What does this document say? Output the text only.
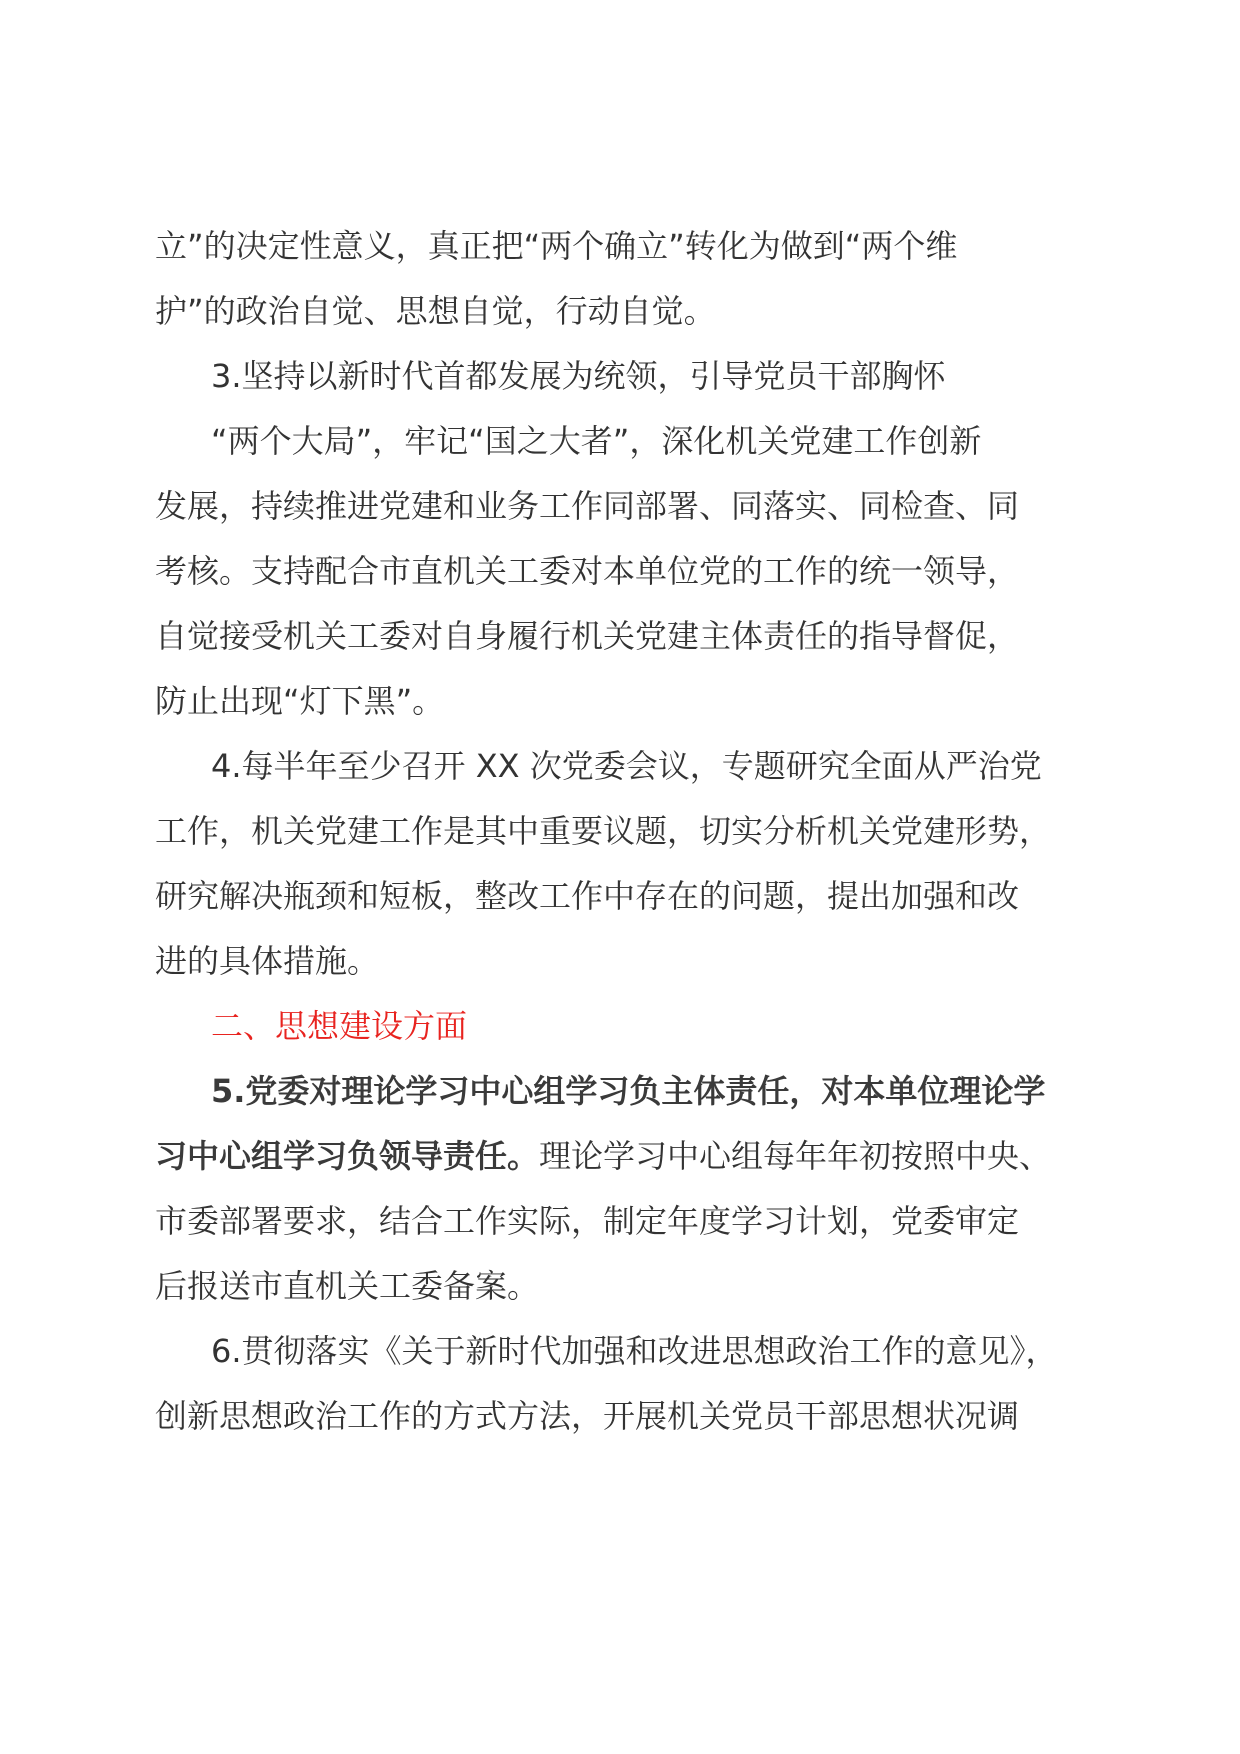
立”的决定性意义，真正把“两个确立”转化为做到“两个维
护”的政治自觉、思想自觉，行动自觉。
3.坚持以新时代首都发展为统领，引导党员干部胸怀
“两个大局”，牢记“国之大者”，深化机关党建工作创新
发展，持续推进党建和业务工作同部署、同落实、同检查、同
考核。支持配合市直机关工委对本单位党的工作的统一领导，
自觉接受机关工委对自身履行机关党建主体责任的指导督促，
防止出现“灯下黑”。
4.每半年至少召开 XX 次党委会议，专题研究全面从严治党
工作，机关党建工作是其中重要议题，切实分析机关党建形势，
研究解决瓶颈和短板，整改工作中存在的问题，提出加强和改
进的具体措施。
二、思想建设方面
5.党委对理论学习中心组学习负主体责任，对本单位理论学
习中心组学习负领导责任。理论学习中心组每年年初按照中央、
市委部署要求，结合工作实际，制定年度学习计划，党委审定
后报送市直机关工委备案。
6.贯彻落实《关于新时代加强和改进思想政治工作的意见》，
创新思想政治工作的方式方法，开展机关党员干部思想状况调
